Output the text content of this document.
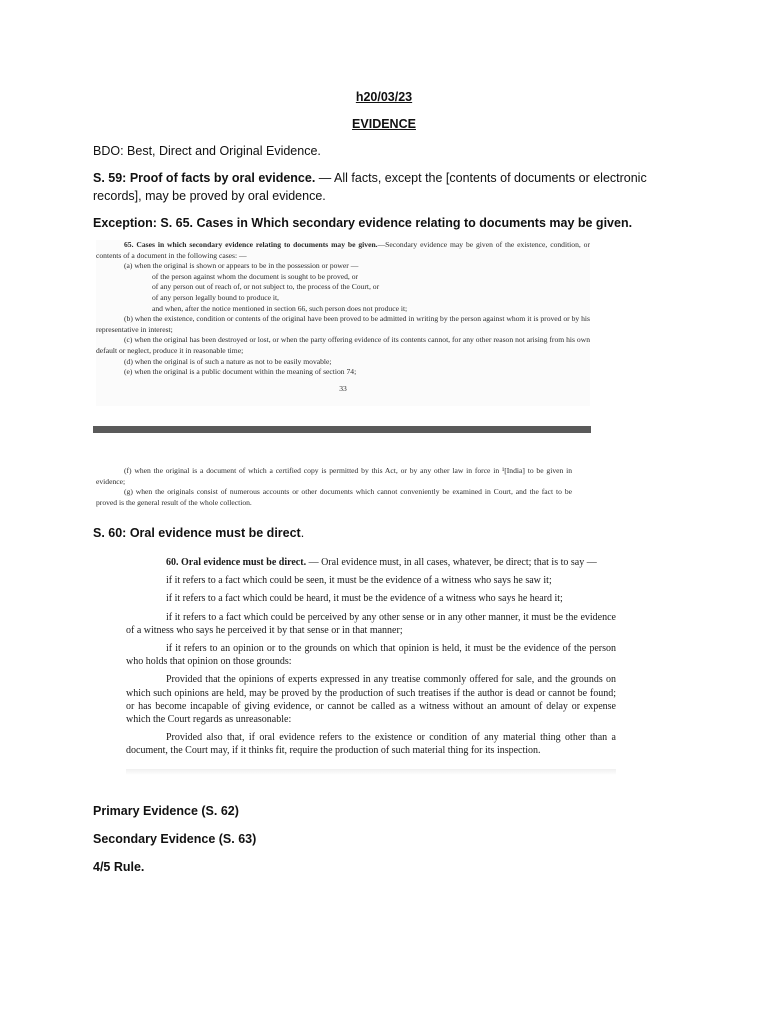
h20/03/23
EVIDENCE
BDO: Best, Direct and Original Evidence.
S. 59: Proof of facts by oral evidence. — All facts, except the [contents of documents or electronic records], may be proved by oral evidence.
Exception: S. 65. Cases in Which secondary evidence relating to documents may be given.

65. Cases in which secondary evidence relating to documents may be given.—Secondary evidence may be given of the existence, condition, or contents of a document in the following cases: —

(a) when the original is shown or appears to be in the possession or power —

of the person against whom the document is sought to be proved, or

of any person out of reach of, or not subject to, the process of the Court, or

of any person legally bound to produce it,

and when, after the notice mentioned in section 66, such person does not produce it;

(b) when the existence, condition or contents of the original have been proved to be admitted in writing by the person against whom it is proved or by his representative in interest;

(c) when the original has been destroyed or lost, or when the party offering evidence of its contents cannot, for any other reason not arising from his own default or neglect, produce it in reasonable time;

(d) when the original is of such a nature as not to be easily movable;

(e) when the original is a public document within the meaning of section 74;

33

(f) when the original is a document of which a certified copy is permitted by this Act, or by any other law in force in ¹[India] to be given in evidence;

(g) when the originals consist of numerous accounts or other documents which cannot conveniently be examined in Court, and the fact to be proved is the general result of the whole collection.

S. 60: Oral evidence must be direct.

60. Oral evidence must be direct. — Oral evidence must, in all cases, whatever, be direct; that is to say —

if it refers to a fact which could be seen, it must be the evidence of a witness who says he saw it;

if it refers to a fact which could be heard, it must be the evidence of a witness who says he heard it;

if it refers to a fact which could be perceived by any other sense or in any other manner, it must be the evidence of a witness who says he perceived it by that sense or in that manner;

if it refers to an opinion or to the grounds on which that opinion is held, it must be the evidence of the person who holds that opinion on those grounds:

Provided that the opinions of experts expressed in any treatise commonly offered for sale, and the grounds on which such opinions are held, may be proved by the production of such treatises if the author is dead or cannot be found; or has become incapable of giving evidence, or cannot be called as a witness without an amount of delay or expense which the Court regards as unreasonable:

Provided also that, if oral evidence refers to the existence or condition of any material thing other than a document, the Court may, if it thinks fit, require the production of such material thing for its inspection.

Primary Evidence (S. 62)
Secondary Evidence (S. 63)
4/5 Rule.
